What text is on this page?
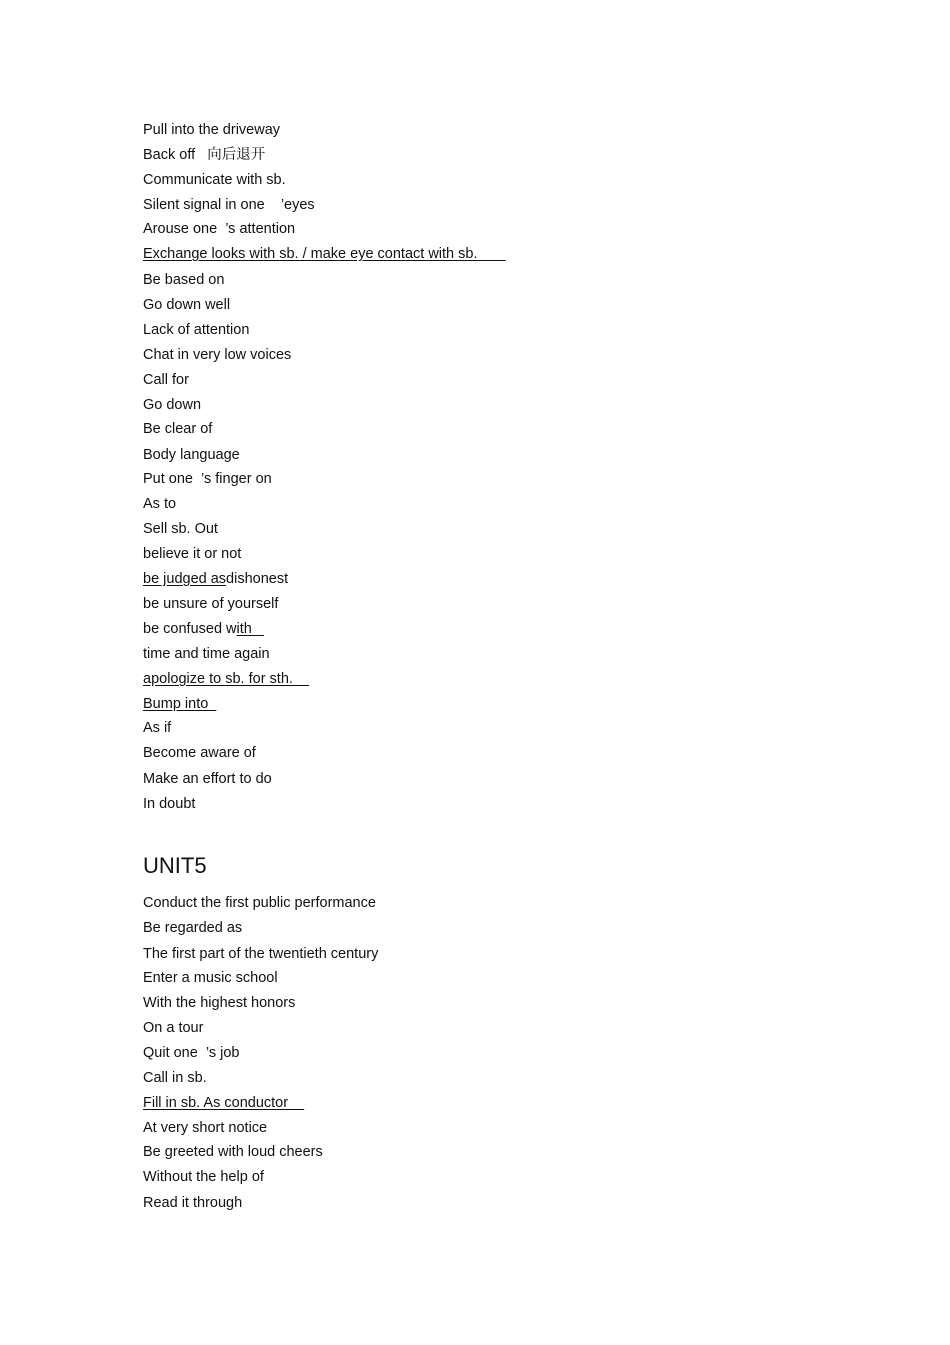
Pull into the driveway
Back off   向后退开
Communicate with sb.
Silent signal in one    ’eyes
Arouse one  ’s attention
Exchange looks with sb. / make eye contact with sb.
Be based on
Go down well
Lack of attention
Chat in very low voices
Call for
Go down
Be clear of
Body language
Put one  ’s finger on
As to
Sell sb. Out
believe it or not
be judged asdishonest
be unsure of yourself
be confused with
time and time again
apologize to sb. for sth.
Bump into
As if
Become aware of
Make an effort to do
In doubt
UNIT5
Conduct the first public performance
Be regarded as
The first part of the twentieth century
Enter a music school
With the highest honors
On a tour
Quit one  ’s job
Call in sb.
Fill in sb. As conductor
At very short notice
Be greeted with loud cheers
Without the help of
Read it through
